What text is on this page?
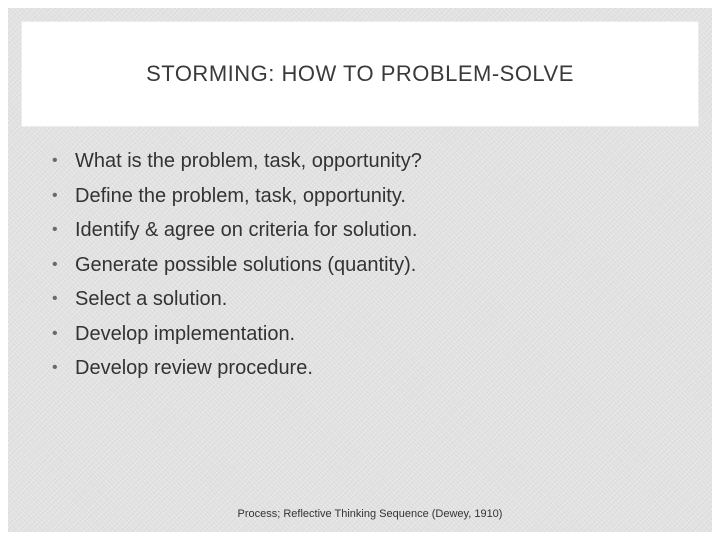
STORMING: HOW TO PROBLEM-SOLVE
• What is the problem, task, opportunity?
• Define the problem, task, opportunity.
• Identify & agree on criteria for solution.
• Generate possible solutions (quantity).
• Select a solution.
• Develop implementation.
• Develop review procedure.
Process; Reflective Thinking Sequence (Dewey, 1910)
